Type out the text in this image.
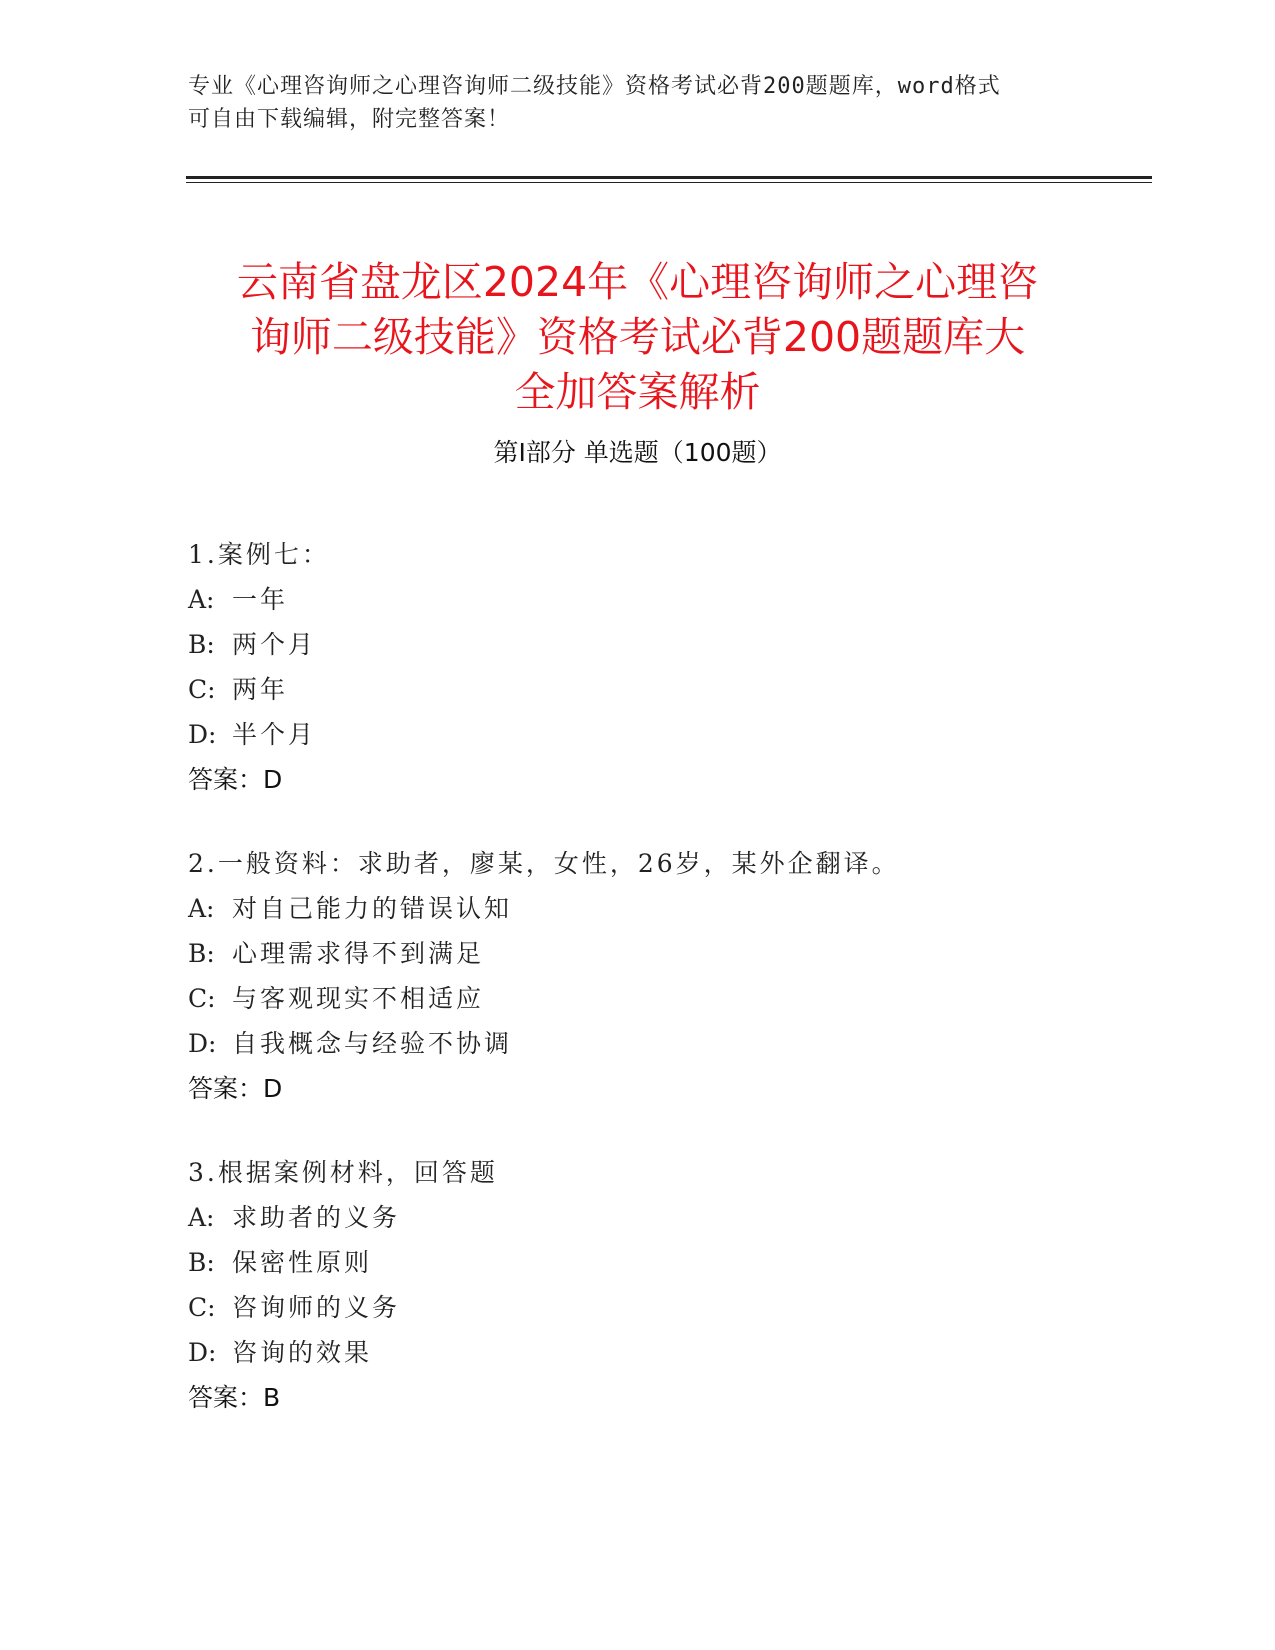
专业《心理咨询师之心理咨询师二级技能》资格考试必背200题题库，word格式
可自由下载编辑，附完整答案！
云南省盘龙区2024年《心理咨询师之心理咨
询师二级技能》资格考试必背200题题库大
全加答案解析
第Ⅰ部分 单选题（100题）
1.案例七：
A: 一年
B: 两个月
C: 两年
D: 半个月
答案：D
2.一般资料：求助者，廖某，女性，26岁，某外企翻译。
A: 对自己能力的错误认知
B: 心理需求得不到满足
C: 与客观现实不相适应
D: 自我概念与经验不协调
答案：D
3.根据案例材料，回答题
A: 求助者的义务
B: 保密性原则
C: 咨询师的义务
D: 咨询的效果
答案：B
